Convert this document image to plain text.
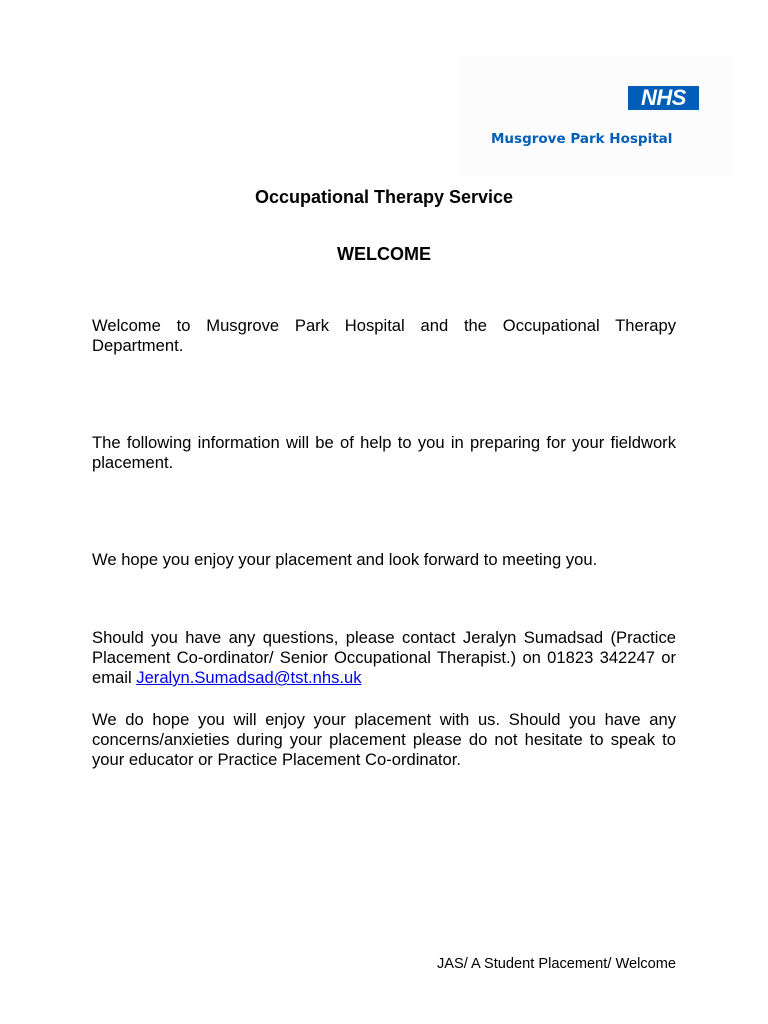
NHS
Musgrove Park Hospital
Occupational Therapy Service
WELCOME

Welcome to Musgrove Park Hospital and the Occupational Therapy Department.

The following information will be of help to you in preparing for your fieldwork placement.

We hope you enjoy your placement and look forward to meeting you.

Should you have any questions, please contact Jeralyn Sumadsad (Practice Placement Co-ordinator/ Senior Occupational Therapist.) on 01823 342247 or email Jeralyn.Sumadsad@tst.nhs.uk

We do hope you will enjoy your placement with us. Should you have any concerns/anxieties during your placement please do not hesitate to speak to your educator or Practice Placement Co-ordinator.

JAS/ A Student Placement/ Welcome
